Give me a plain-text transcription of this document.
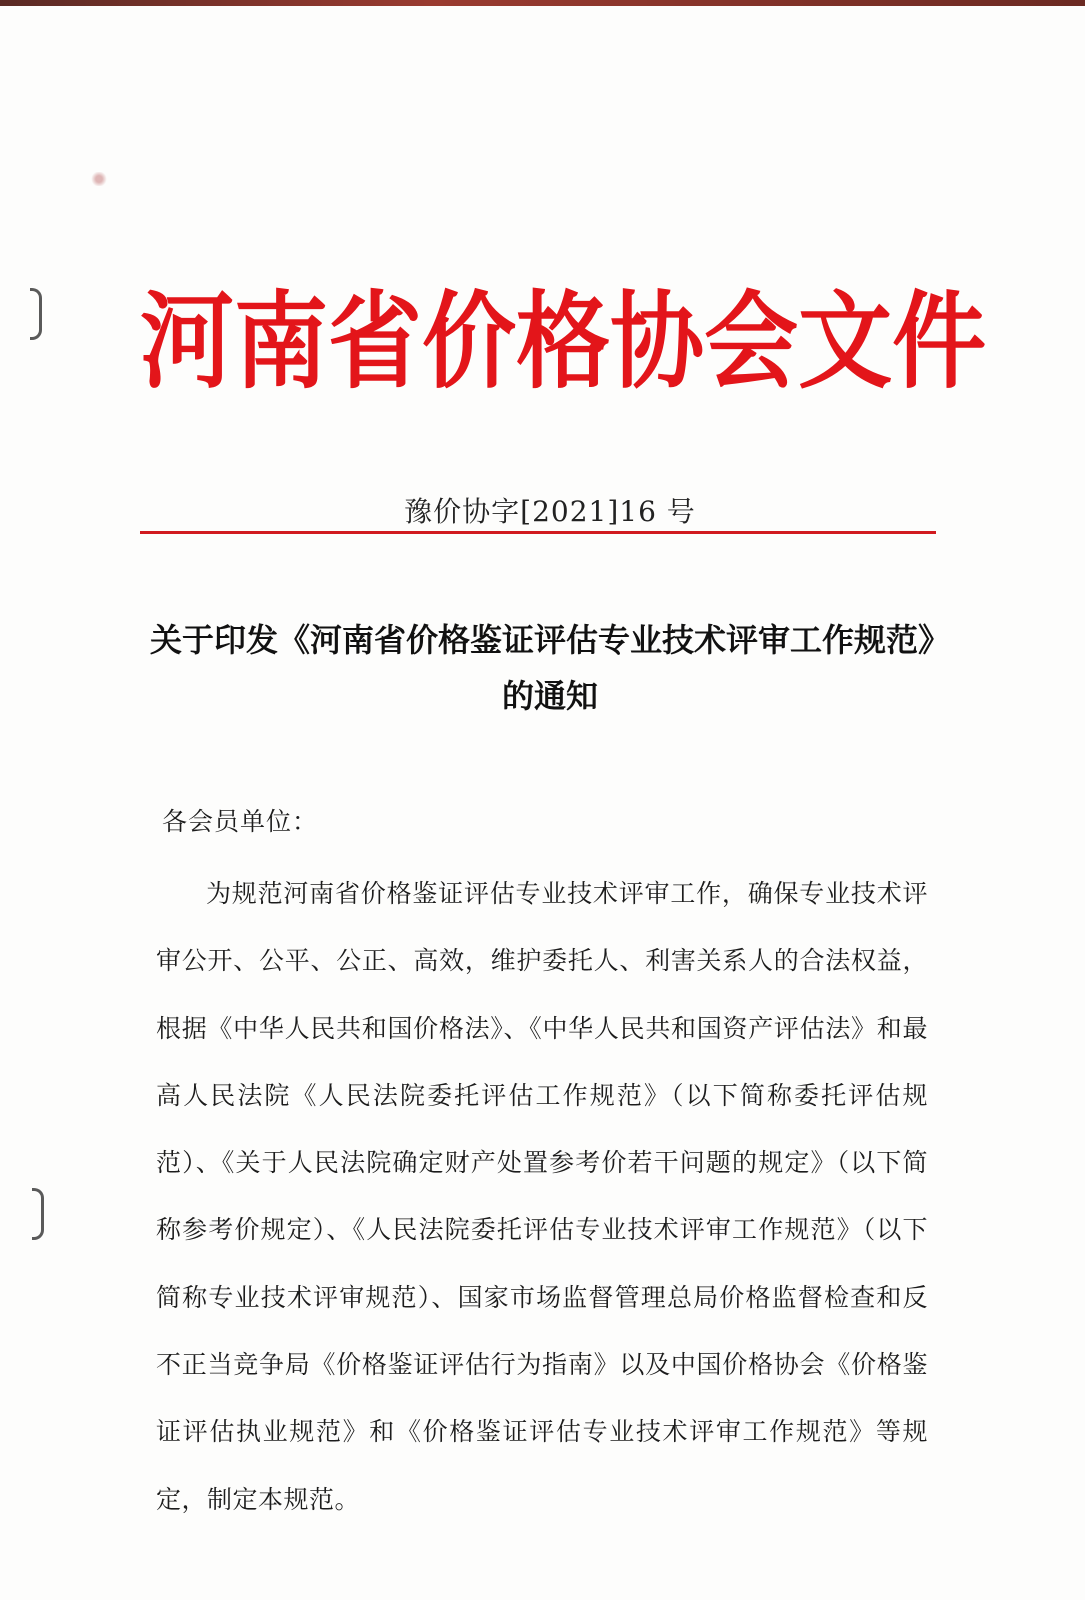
河 南 省 价 格 协 会 文 件
豫价协字[2021]16 号
关于印发《河南省价格鉴证评估专业技术评审工作规范》的通知
各会员单位：

为规范河南省价格鉴证评估专业技术评审工作，确保专业技术评审公开、公平、公正、高效，维护委托人、利害关系人的合法权益，根据《中华人民共和国价格法》、《中华人民共和国资产评估法》和最高人民法院《人民法院委托评估工作规范》（以下简称委托评估规范）、《关于人民法院确定财产处置参考价若干问题的规定》（以下简称参考价规定）、《人民法院委托评估专业技术评审工作规范》（以下简称专业技术评审规范）、国家市场监督管理总局价格监督检查和反不正当竞争局《价格鉴证评估行为指南》以及中国价格协会《价格鉴证评估执业规范》和《价格鉴证评估专业技术评审工作规范》等规定，制定本规范。
